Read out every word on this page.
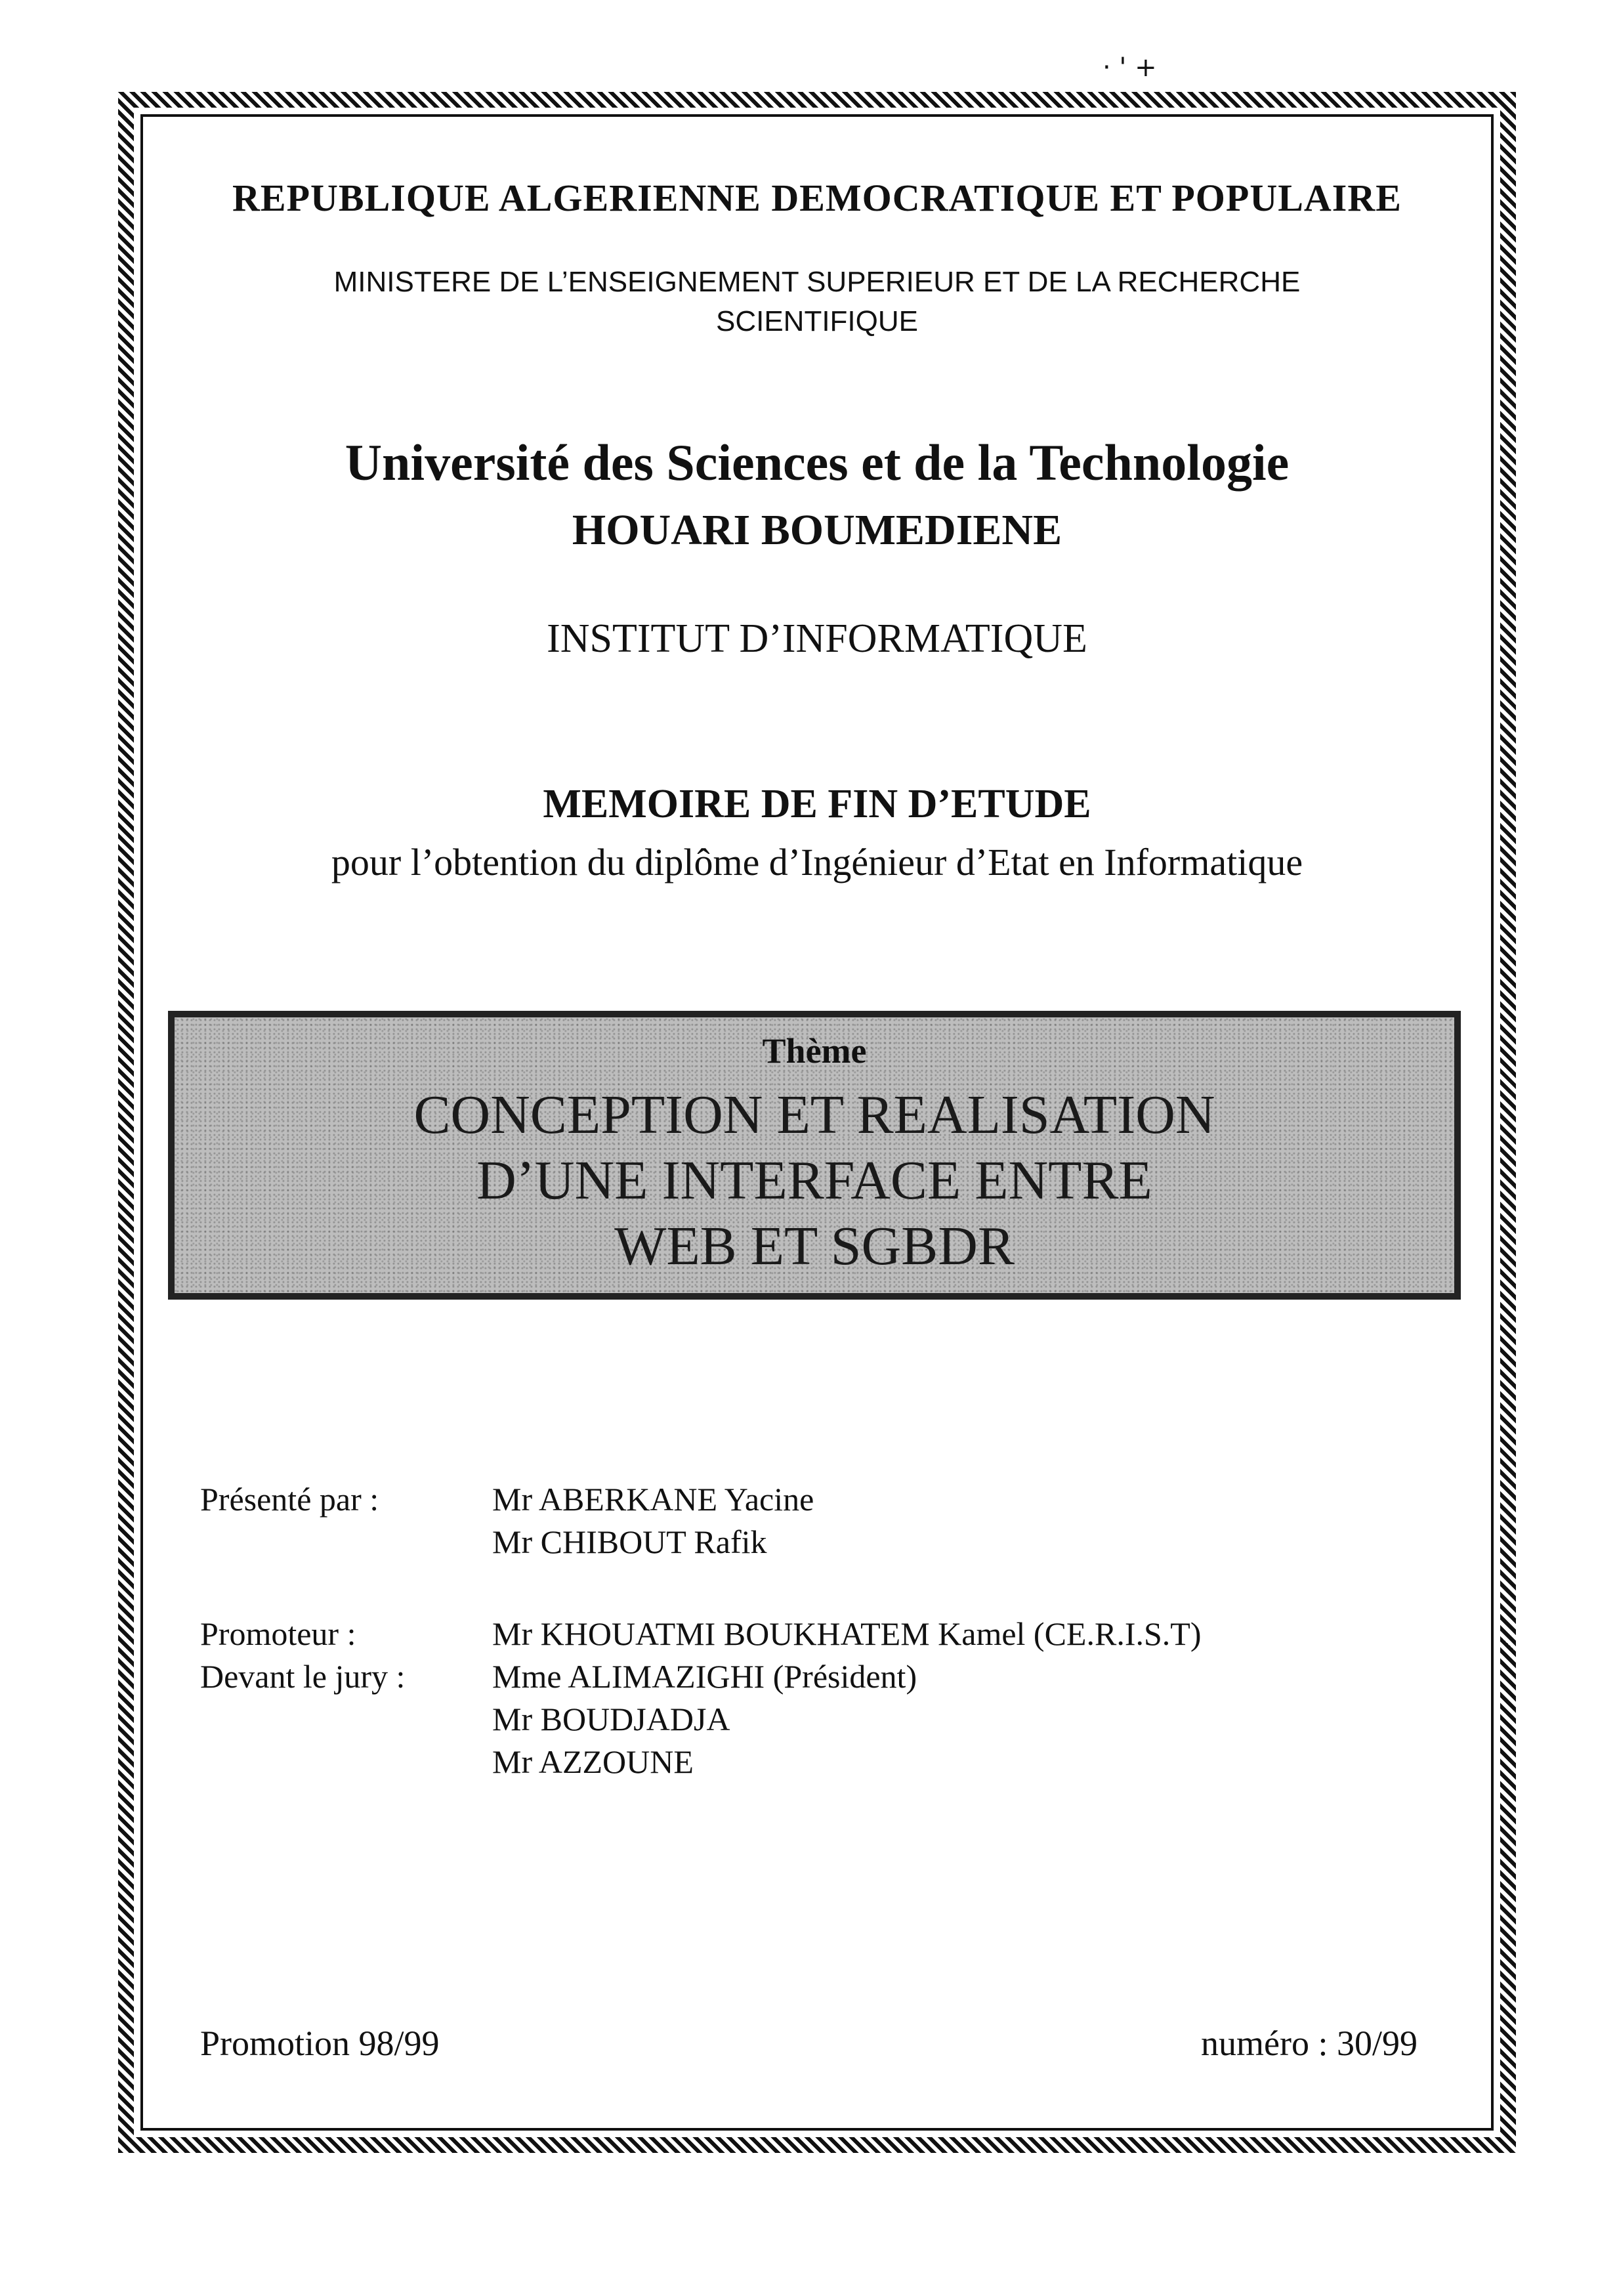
· ' +
REPUBLIQUE ALGERIENNE DEMOCRATIQUE ET POPULAIRE
MINISTERE DE L’ENSEIGNEMENT SUPERIEUR ET DE LA RECHERCHE
SCIENTIFIQUE
Université des Sciences et de la Technologie
HOUARI BOUMEDIENE
INSTITUT D’INFORMATIQUE
MEMOIRE DE FIN D’ETUDE
pour l’obtention du diplôme d’Ingénieur d’Etat en Informatique
Thème
CONCEPTION ET REALISATION
D’UNE INTERFACE ENTRE
WEB ET SGBDR
Présenté par :	Mr ABERKANE Yacine
Mr CHIBOUT Rafik
Promoteur :	Mr KHOUATMI BOUKHATEM Kamel (CE.R.I.S.T)
Devant le jury :	Mme ALIMAZIGHI (Président)
Mr BOUDJADJA
Mr AZZOUNE
Promotion 98/99	numéro : 30/99
